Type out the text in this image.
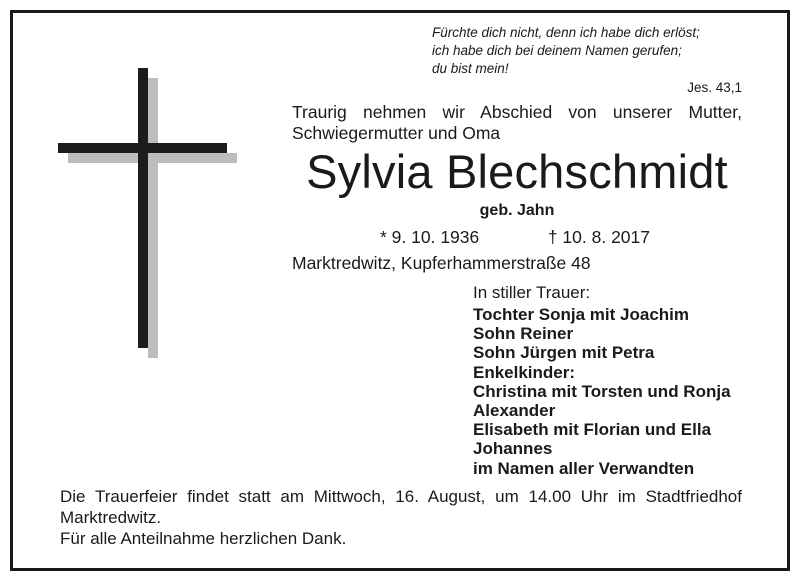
Fürchte dich nicht, denn ich habe dich erlöst;
ich habe dich bei deinem Namen gerufen;
du bist mein!
Jes. 43,1
Traurig nehmen wir Abschied von unserer Mutter,
Schwiegermutter und Oma
Sylvia Blechschmidt
geb. Jahn
* 9. 10. 1936	† 10. 8. 2017
Marktredwitz, Kupferhammerstraße 48
In stiller Trauer:
Tochter Sonja mit Joachim
Sohn Reiner
Sohn Jürgen mit Petra
Enkelkinder:
Christina mit Torsten und Ronja
Alexander
Elisabeth mit Florian und Ella
Johannes
im Namen aller Verwandten
Die Trauerfeier findet statt am Mittwoch, 16. August, um 14.00 Uhr im Stadtfriedhof
Marktredwitz.
Für alle Anteilnahme herzlichen Dank.
